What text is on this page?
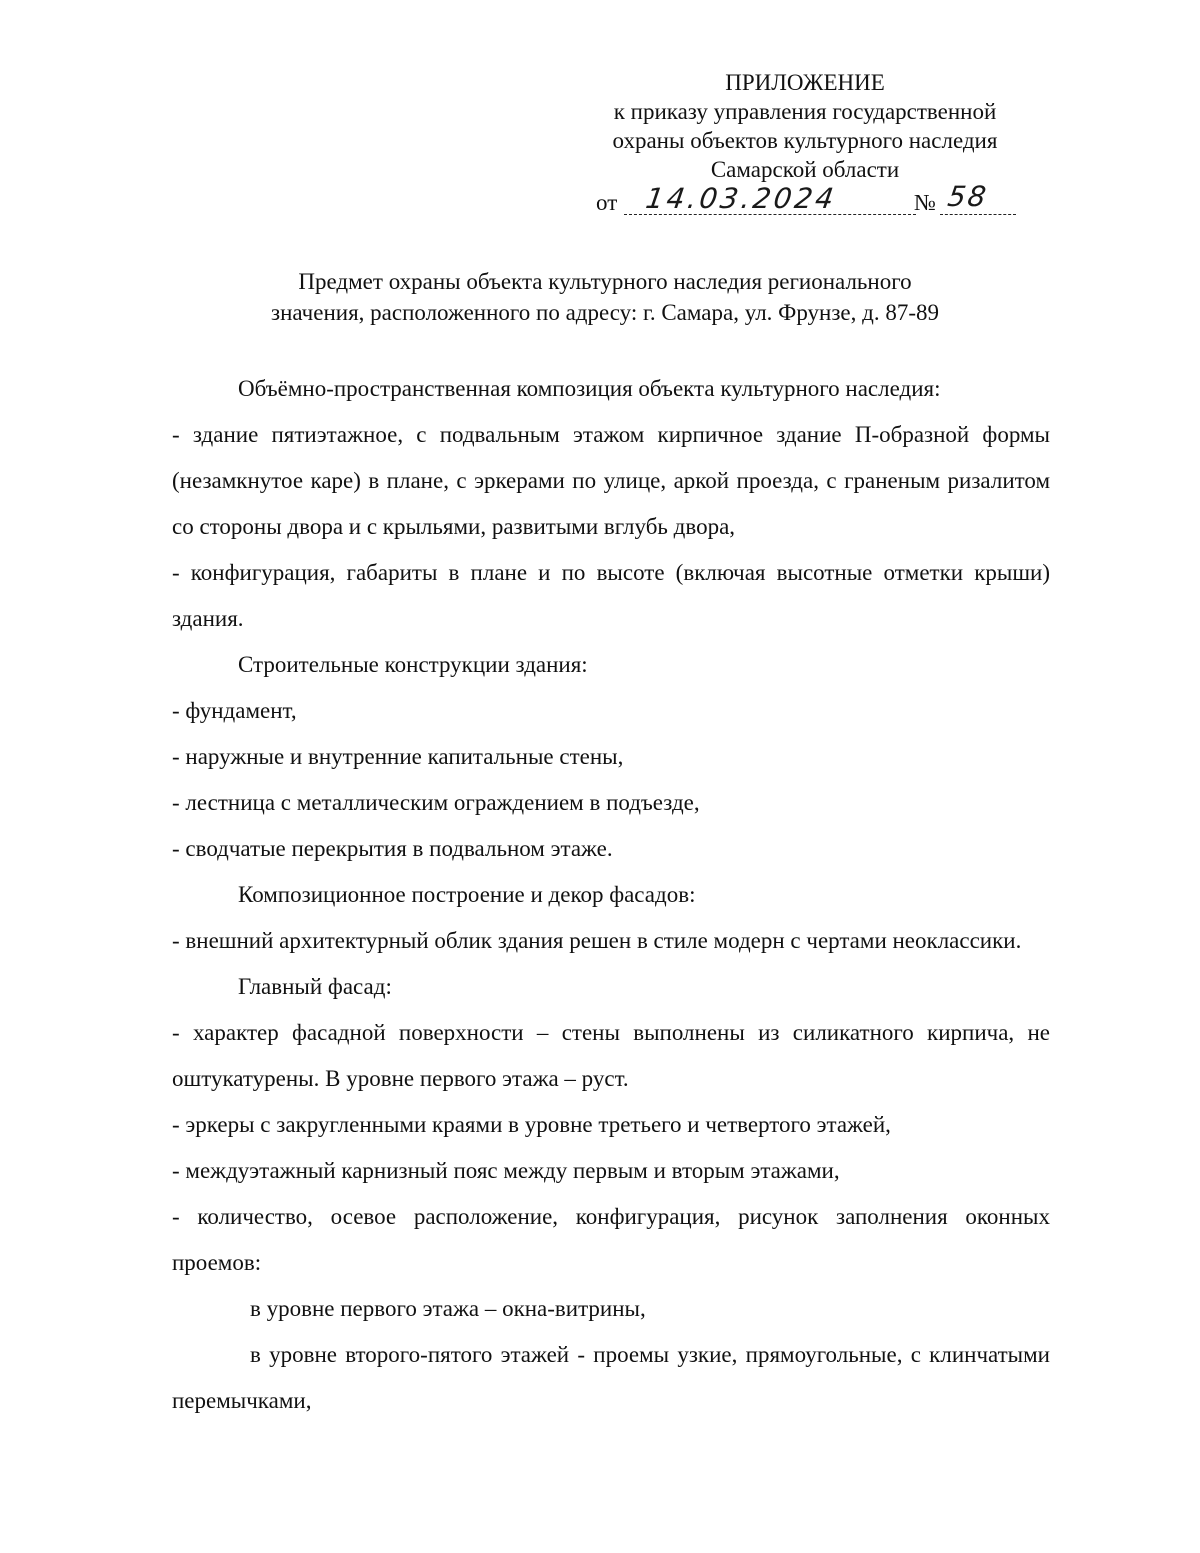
ПРИЛОЖЕНИЕ
к приказу управления государственной
охраны объектов культурного наследия
Самарской области
от 14.03.2024	№ 58
Предмет охраны объекта культурного наследия регионального
значения, расположенного по адресу: г. Самара, ул. Фрунзе, д. 87-89

Объёмно-пространственная композиция объекта культурного наследия:

- здание пятиэтажное, с подвальным этажом кирпичное здание П-образной формы (незамкнутое каре) в плане, с эркерами по улице, аркой проезда, с граненым ризалитом со стороны двора и с крыльями, развитыми вглубь двора,

- конфигурация, габариты в плане и по высоте (включая высотные отметки крыши) здания.

Строительные конструкции здания:

- фундамент,

- наружные и внутренние капитальные стены,

- лестница с металлическим ограждением в подъезде,

- сводчатые перекрытия в подвальном этаже.

Композиционное построение и декор фасадов:

- внешний архитектурный облик здания решен в стиле модерн с чертами неоклассики.

Главный фасад:

- характер фасадной поверхности – стены выполнены из силикатного кирпича, не оштукатурены. В уровне первого этажа – руст.

- эркеры с закругленными краями в уровне третьего и четвертого этажей,

- междуэтажный карнизный пояс между первым и вторым этажами,

- количество, осевое расположение, конфигурация, рисунок заполнения оконных проемов:

в уровне первого этажа – окна-витрины,

в уровне второго-пятого этажей - проемы узкие, прямоугольные, с клинчатыми перемычками,
